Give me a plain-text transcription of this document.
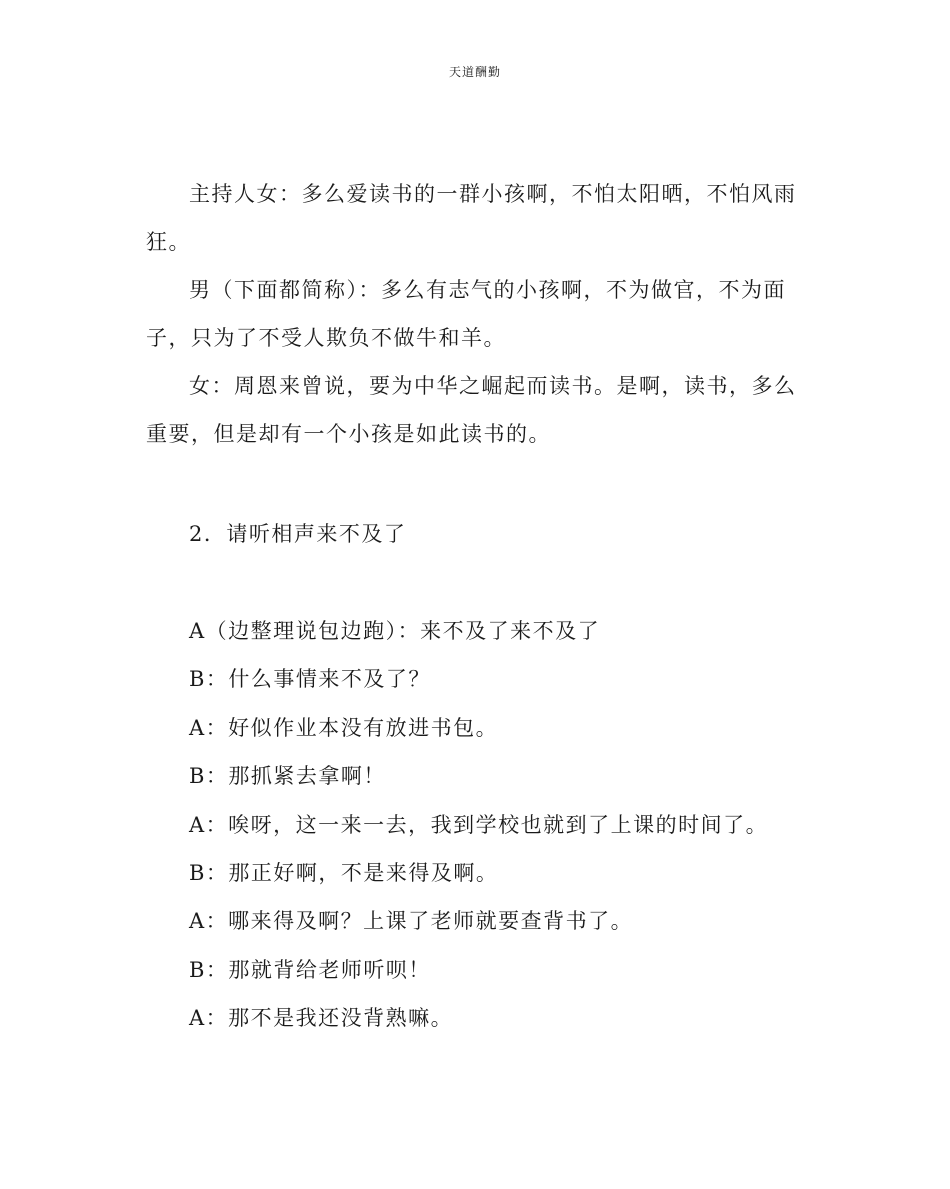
天道酬勤

主持人女：多么爱读书的一群小孩啊，不怕太阳晒，不怕风雨狂。

男（下面都简称）：多么有志气的小孩啊，不为做官，不为面子，只为了不受人欺负不做牛和羊。

女：周恩来曾说，要为中华之崛起而读书。是啊，读书，多么重要，但是却有一个小孩是如此读书的。

2．请听相声来不及了

A（边整理说包边跑）：来不及了来不及了

B：什么事情来不及了？

A：好似作业本没有放进书包。

B：那抓紧去拿啊！

A：唉呀，这一来一去，我到学校也就到了上课的时间了。

B：那正好啊，不是来得及啊。

A：哪来得及啊？上课了老师就要查背书了。

B：那就背给老师听呗！

A：那不是我还没背熟嘛。
